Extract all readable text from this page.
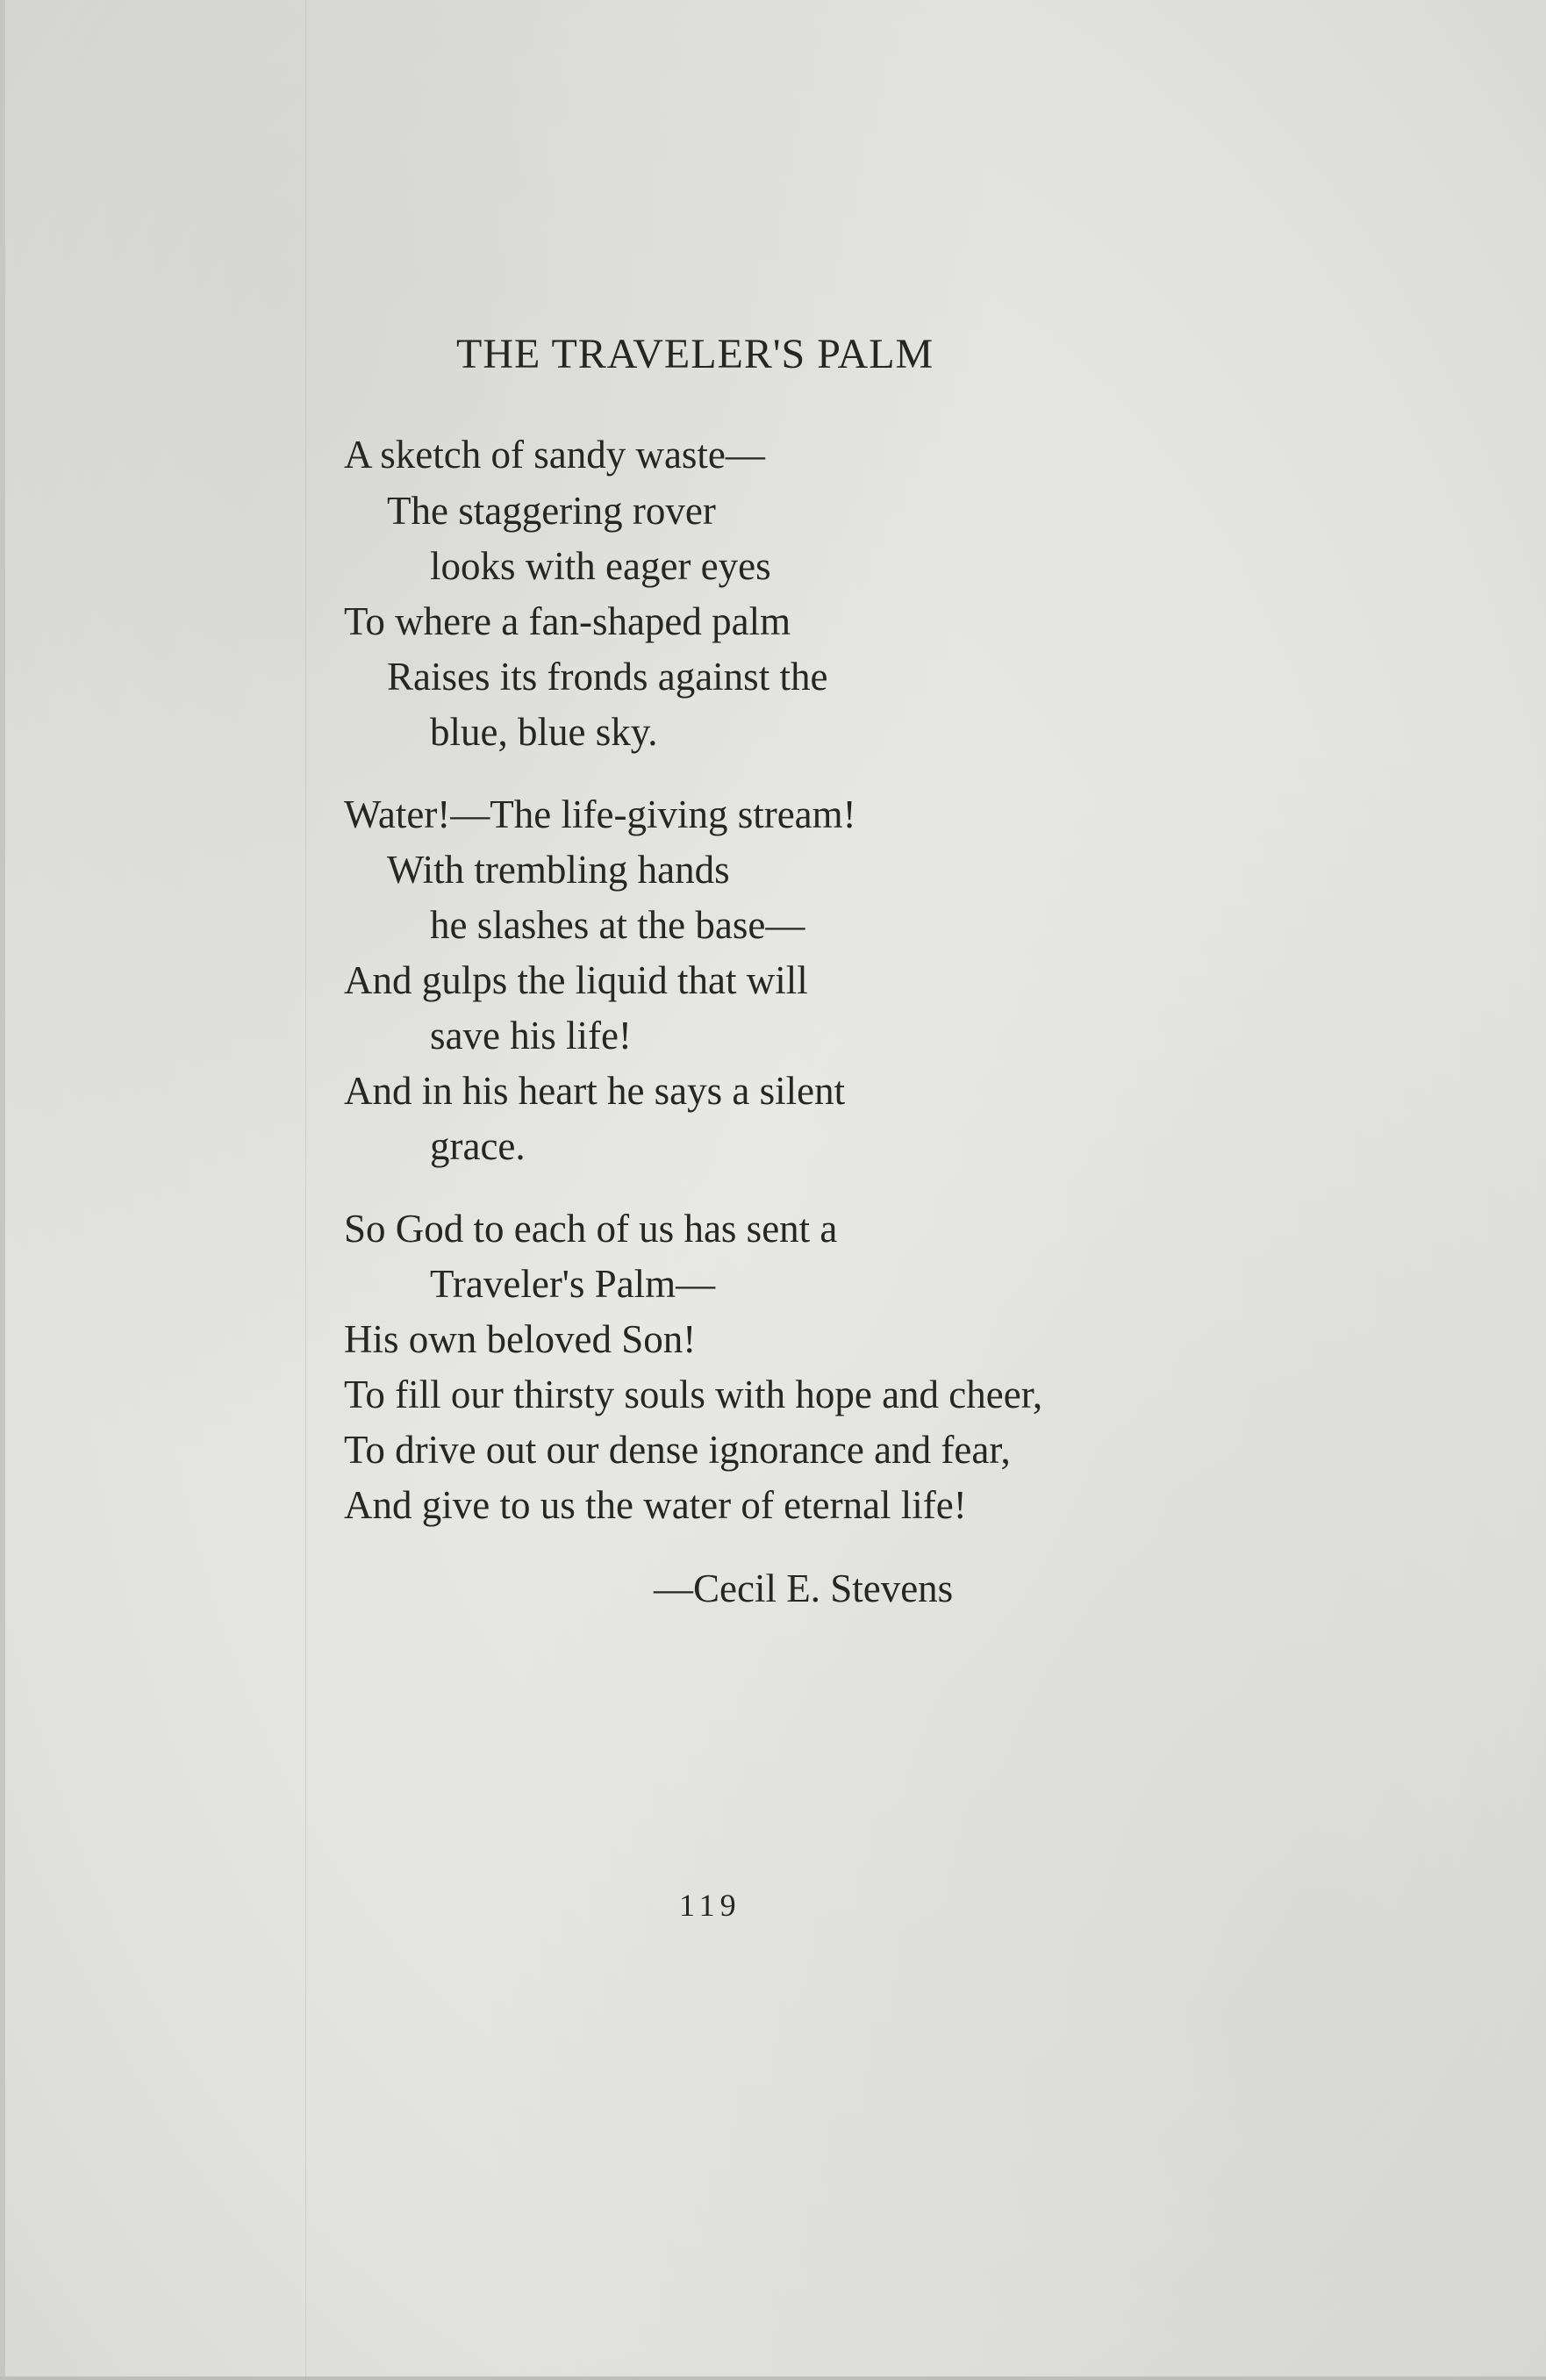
THE TRAVELER'S PALM
A sketch of sandy waste—
The staggering rover
looks with eager eyes
To where a fan-shaped palm
Raises its fronds against the
blue, blue sky.
Water!—The life-giving stream!
With trembling hands
he slashes at the base—
And gulps the liquid that will
save his life!
And in his heart he says a silent
grace.
So God to each of us has sent a
Traveler's Palm—
His own beloved Son!
To fill our thirsty souls with hope and cheer,
To drive out our dense ignorance and fear,
And give to us the water of eternal life!
—Cecil E. Stevens
119
